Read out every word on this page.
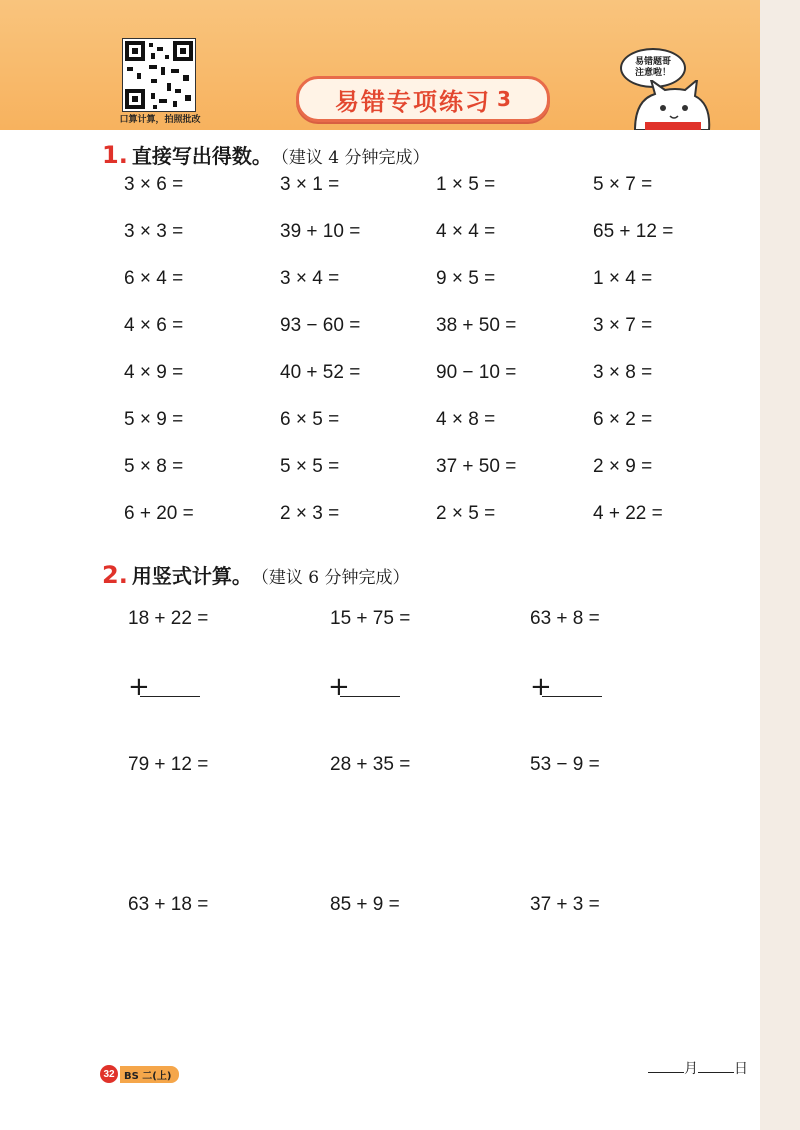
口算计算，拍照批改
易错专项练习 3
易错题哥
注意啦！
1. 直接写出得数。 （建议 4 分钟完成）
3 × 6 =	3 × 1 =	1 × 5 =	5 × 7 =
3 × 3 =	39 + 10 =	4 × 4 =	65 + 12 =
6 × 4 =	3 × 4 =	9 × 5 =	1 × 4 =
4 × 6 =	93 − 60 =	38 + 50 =	3 × 7 =
4 × 9 =	40 + 52 =	90 − 10 =	3 × 8 =
5 × 9 =	6 × 5 =	4 × 8 =	6 × 2 =
5 × 8 =	5 × 5 =	37 + 50 =	2 × 9 =
6 + 20 =	2 × 3 =	2 × 5 =	4 + 22 =
2. 用竖式计算。 （建议 6 分钟完成）
18 + 22 =	15 + 75 =	63 + 8 =
+	+	+
79 + 12 =	28 + 35 =	53 − 9 =
63 + 18 =	85 + 9 =	37 + 3 =
32 BS 二(上)	月	日
